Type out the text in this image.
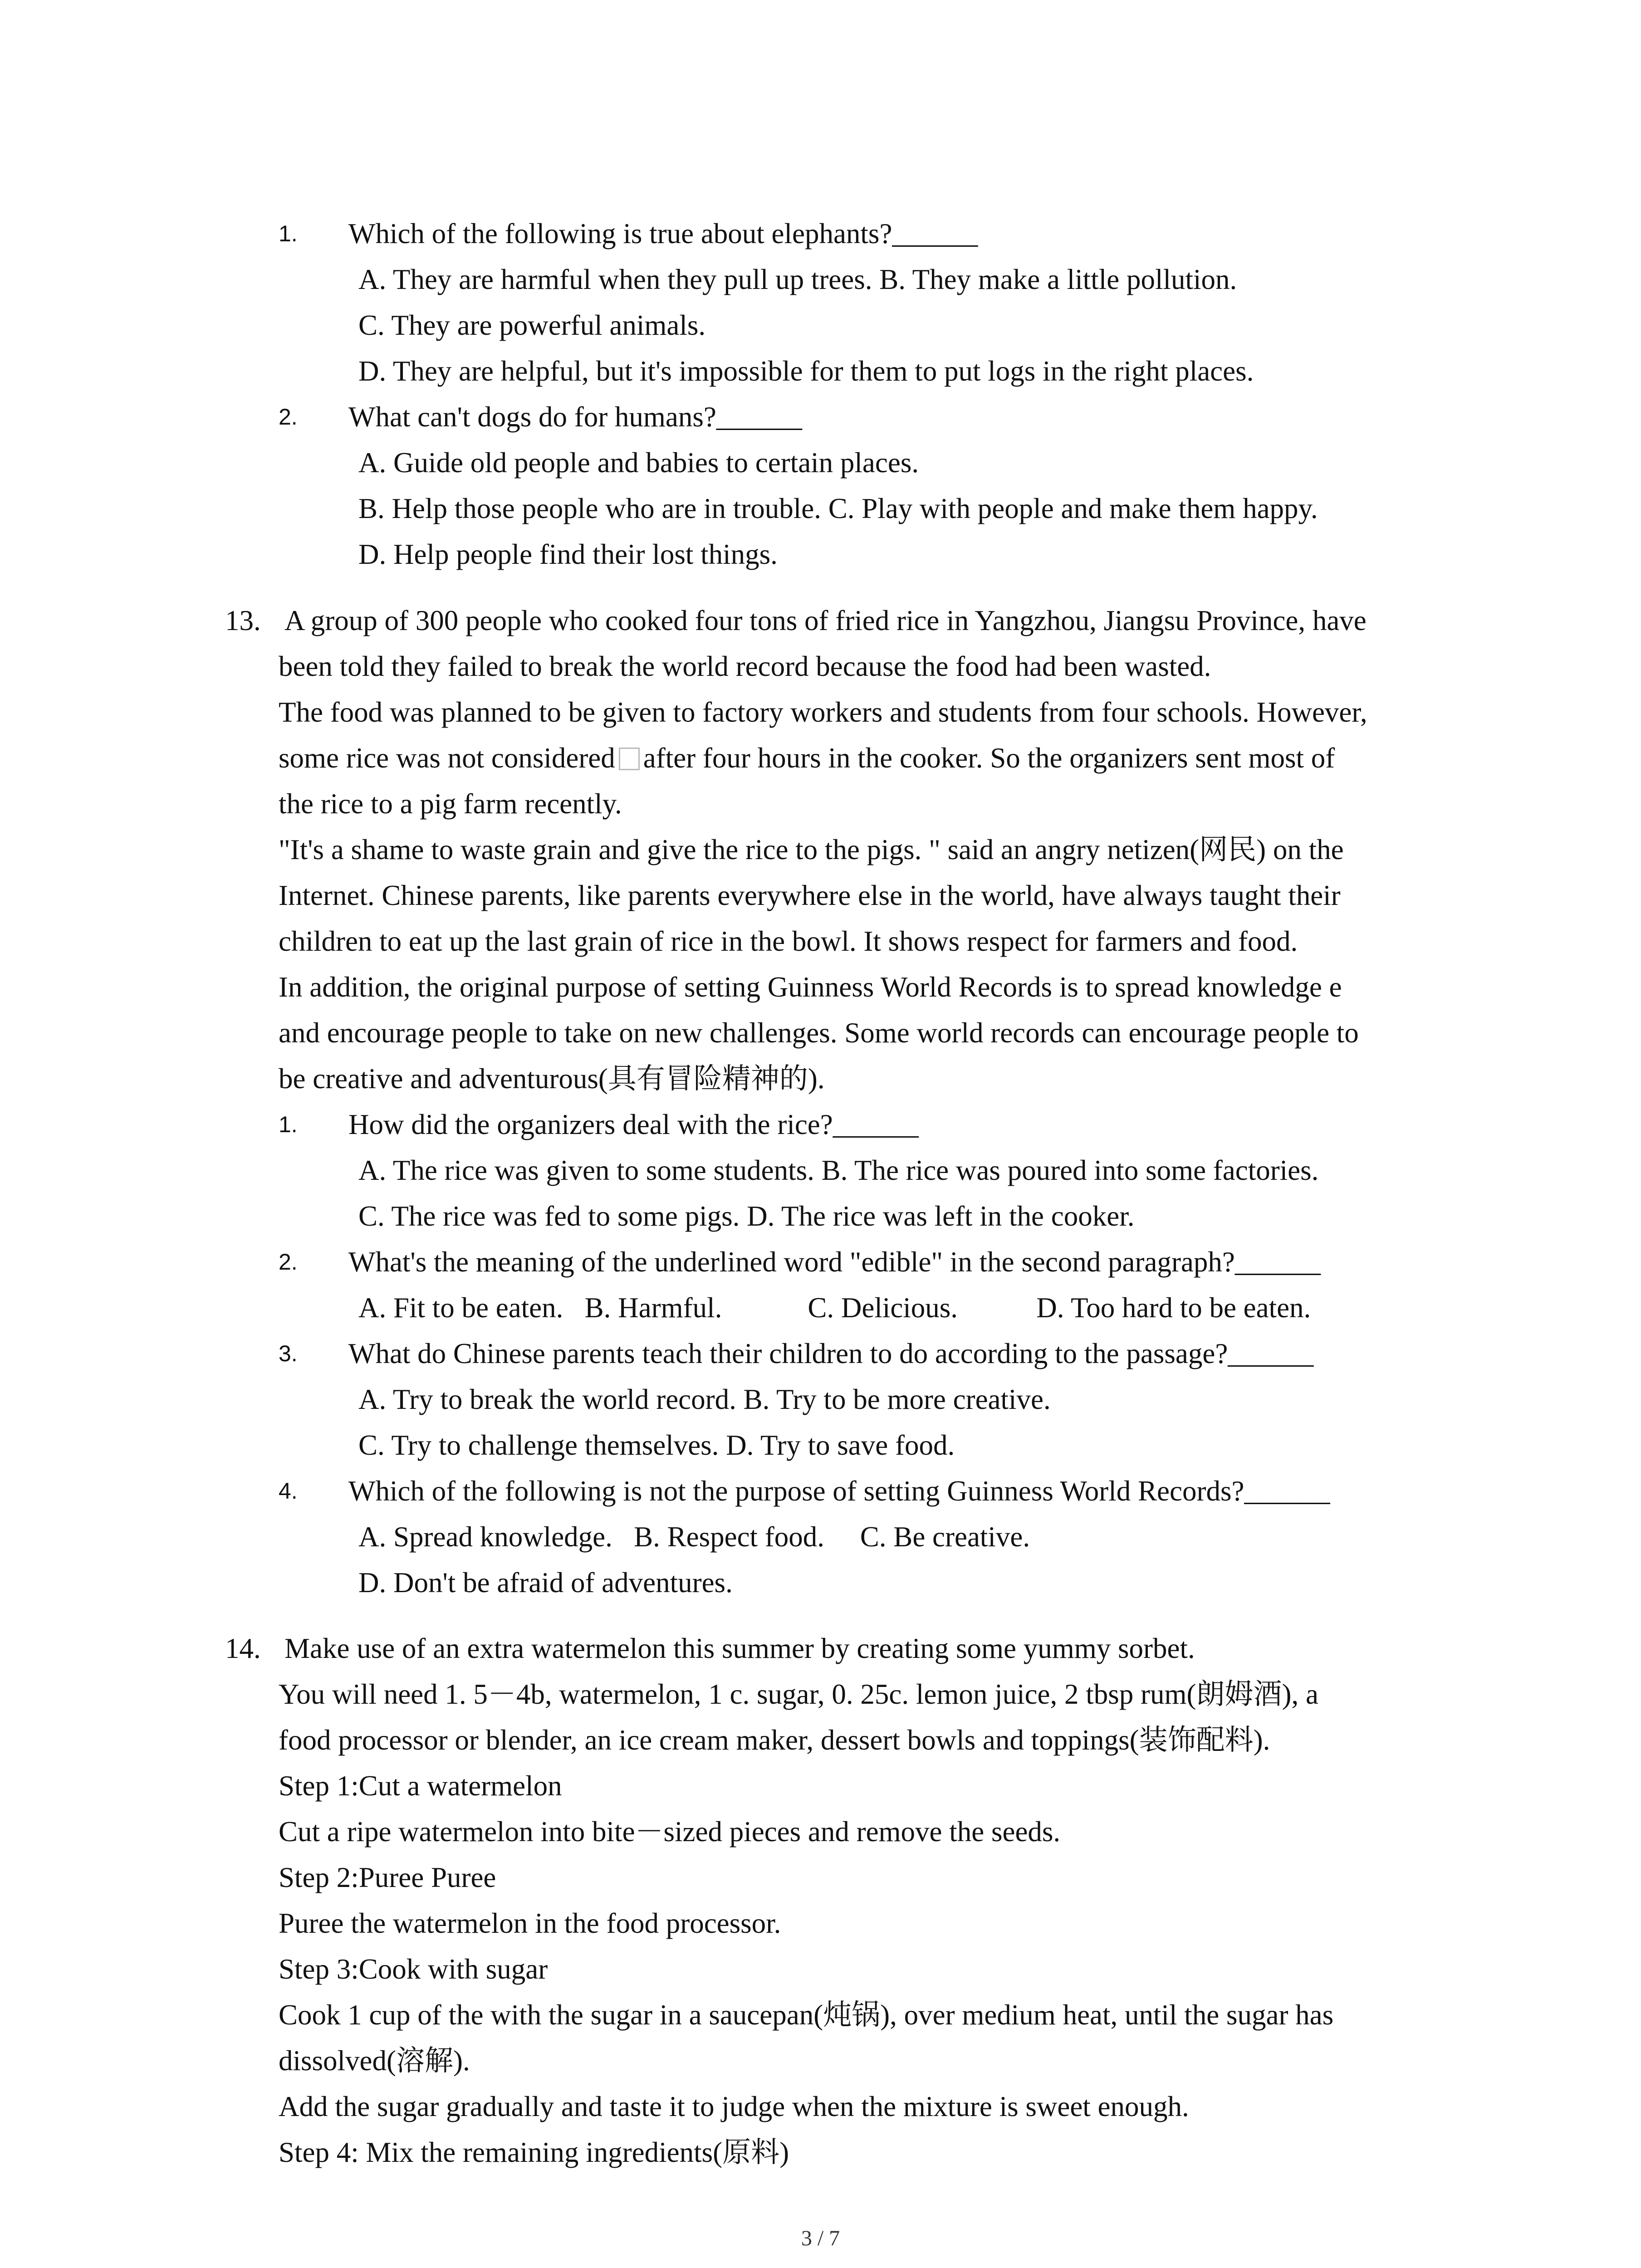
1. Which of the following is true about elephants?______
A. They are harmful when they pull up trees. B. They make a little pollution.
C. They are powerful animals.
D. They are helpful, but it's impossible for them to put logs in the right places.
2. What can't dogs do for humans?______
A. Guide old people and babies to certain places.
B. Help those people who are in trouble. C. Play with people and make them happy.
D. Help people find their lost things.
13. A group of 300 people who cooked four tons of fried rice in Yangzhou, Jiangsu Province, have
been told they failed to break the world record because the food had been wasted.
The food was planned to be given to factory workers and students from four schools. However,
some rice was not considered after four hours in the cooker. So the organizers sent most of
the rice to a pig farm recently.
"It's a shame to waste grain and give the rice to the pigs. " said an angry netizen(网民) on the
Internet. Chinese parents, like parents everywhere else in the world, have always taught their
children to eat up the last grain of rice in the bowl. It shows respect for farmers and food.
In addition, the original purpose of setting Guinness World Records is to spread knowledge e
and encourage people to take on new challenges. Some world records can encourage people to
be creative and adventurous(具有冒险精神的).
1. How did the organizers deal with the rice?______
A. The rice was given to some students. B. The rice was poured into some factories.
C. The rice was fed to some pigs. D. The rice was left in the cooker.
2. What's the meaning of the underlined word "edible" in the second paragraph?______
A. Fit to be eaten.   B. Harmful.            C. Delicious.           D. Too hard to be eaten.
3. What do Chinese parents teach their children to do according to the passage?______
A. Try to break the world record. B. Try to be more creative.
C. Try to challenge themselves. D. Try to save food.
4. Which of the following is not the purpose of setting Guinness World Records?______
A. Spread knowledge.   B. Respect food.     C. Be creative.
D. Don't be afraid of adventures.
14. Make use of an extra watermelon this summer by creating some yummy sorbet.
You will need 1. 5－4b, watermelon, 1 c. sugar, 0. 25c. lemon juice, 2 tbsp rum(朗姆酒), a
food processor or blender, an ice cream maker, dessert bowls and toppings(装饰配料).
Step 1:Cut a watermelon
Cut a ripe watermelon into bite－sized pieces and remove the seeds.
Step 2:Puree Puree
Puree the watermelon in the food processor.
Step 3:Cook with sugar
Cook 1 cup of the with the sugar in a saucepan(炖锅), over medium heat, until the sugar has
dissolved(溶解).
Add the sugar gradually and taste it to judge when the mixture is sweet enough.
Step 4: Mix the remaining ingredients(原料)
3 / 7
